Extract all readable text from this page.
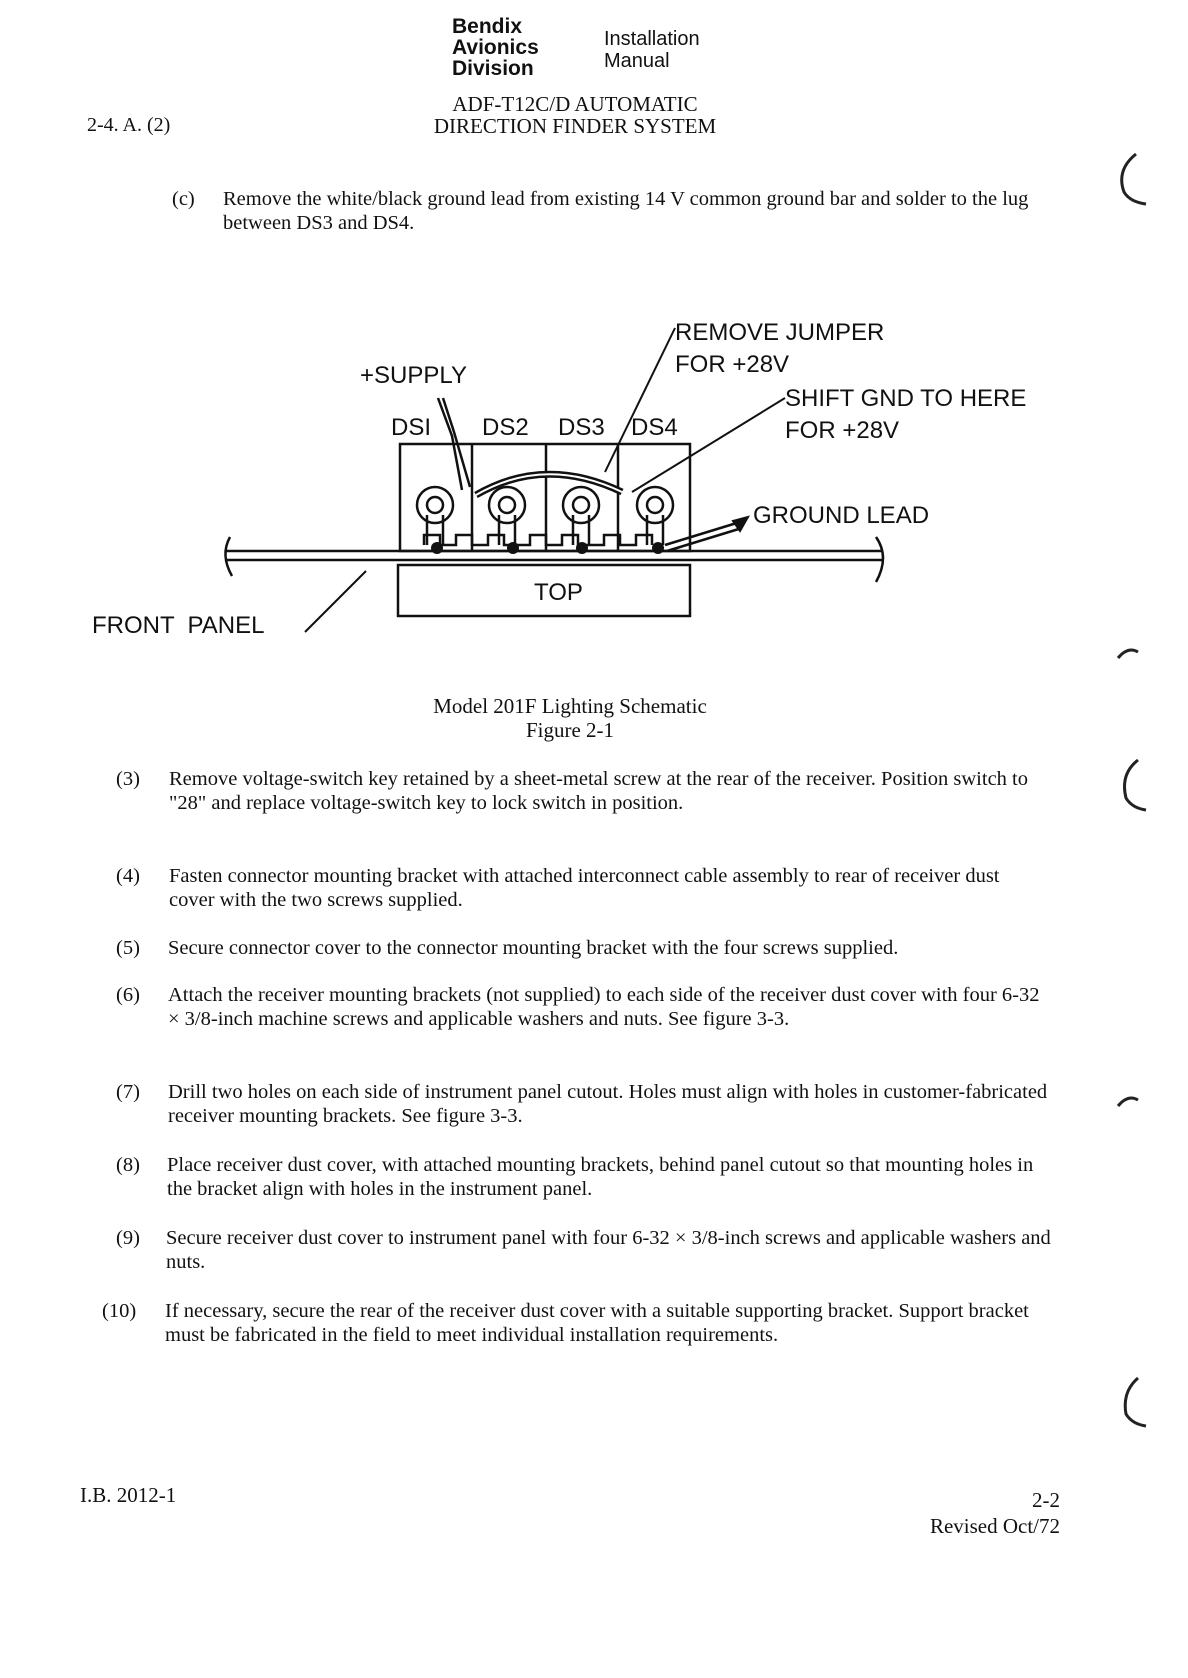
Bendix
Avionics
Division
Installation
Manual
ADF-T12C/D AUTOMATIC
DIRECTION FINDER SYSTEM
2-4. A. (2)
(c) Remove the white/black ground lead from existing 14 V common ground bar and solder to the lug between DS3 and DS4.
+SUPPLY
DSI DS2 DS3 DS4
REMOVE JUMPER
FOR +28V
SHIFT GND TO HERE
FOR +28V
GROUND LEAD
TOP
FRONT  PANEL
Model 201F Lighting Schematic
Figure 2-1
(3) Remove voltage-switch key retained by a sheet-metal screw at the rear of the receiver. Position switch to "28" and replace voltage-switch key to lock switch in position.
(4) Fasten connector mounting bracket with attached interconnect cable assembly to rear of receiver dust cover with the two screws supplied.
(5) Secure connector cover to the connector mounting bracket with the four screws supplied.
(6) Attach the receiver mounting brackets (not supplied) to each side of the receiver dust cover with four 6-32 × 3/8-inch machine screws and applicable washers and nuts. See figure 3-3.
(7) Drill two holes on each side of instrument panel cutout. Holes must align with holes in customer-fabricated receiver mounting brackets. See figure 3-3.
(8) Place receiver dust cover, with attached mounting brackets, behind panel cutout so that mounting holes in the bracket align with holes in the instrument panel.
(9) Secure receiver dust cover to instrument panel with four 6-32 × 3/8-inch screws and applicable washers and nuts.
(10) If necessary, secure the rear of the receiver dust cover with a suitable supporting bracket. Support bracket must be fabricated in the field to meet individual installation requirements.
I.B. 2012-1	2-2
Revised Oct/72
